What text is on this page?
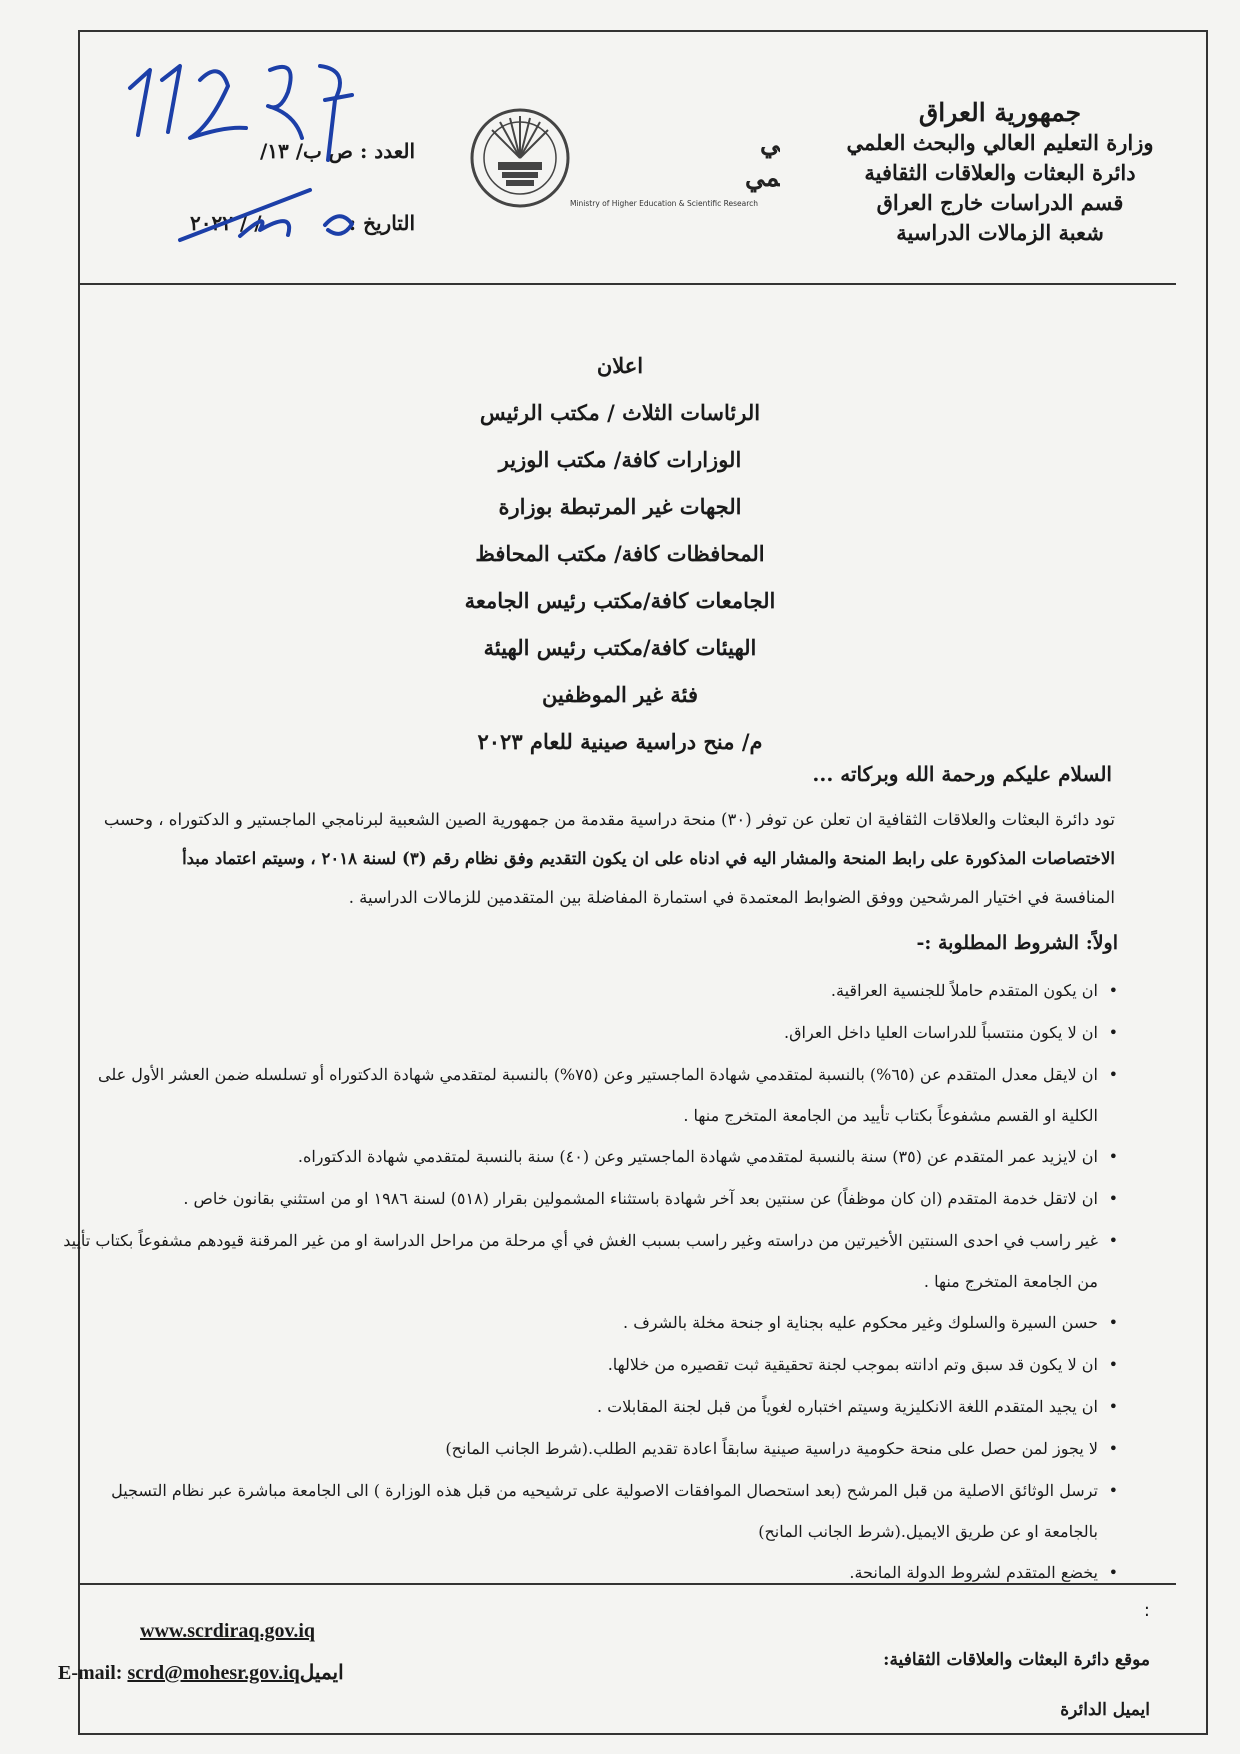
جمهورية العراق
وزارة التعليم العالي والبحث العلمي
دائرة البعثات والعلاقات الثقافية
قسم الدراسات خارج العراق
شعبة الزمالات الدراسية
ي
مي
Ministry of Higher Education & Scientific Research
العدد : ص ب/ ١٣/
التاريخ :
/ / ٢٠٢٢
اعلان
الرئاسات الثلاث / مكتب الرئيس
الوزارات كافة/ مكتب الوزير
الجهات غير المرتبطة بوزارة
المحافظات كافة/ مكتب المحافظ
الجامعات كافة/مكتب رئيس الجامعة
الهيئات كافة/مكتب رئيس الهيئة
فئة غير الموظفين
م/ منح دراسية صينية للعام ٢٠٢٣
السلام عليكم ورحمة الله وبركاته ...
تود دائرة البعثات والعلاقات الثقافية ان تعلن عن توفر (٣٠) منحة دراسية مقدمة من جمهورية الصين الشعبية لبرنامجي الماجستير و الدكتوراه ، وحسب
الاختصاصات المذكورة على رابط المنحة والمشار اليه في ادناه على ان يكون التقديم وفق نظام رقم (٣) لسنة ٢٠١٨ ، وسيتم اعتماد مبدأ
المنافسة في اختيار المرشحين ووفق الضوابط المعتمدة في استمارة المفاضلة بين المتقدمين للزمالات الدراسية .
اولاً: الشروط المطلوبة :-
• ان يكون المتقدم حاملاً للجنسية العراقية.
• ان لا يكون منتسباً للدراسات العليا داخل العراق.
• ان لايقل معدل المتقدم عن (٦٥%) بالنسبة لمتقدمي شهادة الماجستير وعن (٧٥%) بالنسبة لمتقدمي شهادة الدكتوراه أو تسلسله ضمن العشر الأول على الكلية او القسم مشفوعاً بكتاب تأييد من الجامعة المتخرج منها .
• ان لايزيد عمر المتقدم عن (٣٥) سنة بالنسبة لمتقدمي شهادة الماجستير وعن (٤٠) سنة بالنسبة لمتقدمي شهادة الدكتوراه.
• ان لاتقل خدمة المتقدم (ان كان موظفاً) عن سنتين بعد آخر شهادة باستثناء المشمولين بقرار (٥١٨) لسنة ١٩٨٦ او من استثني بقانون خاص .
• غير راسب في احدى السنتين الأخيرتين من دراسته وغير راسب بسبب الغش في أي مرحلة من مراحل الدراسة او من غير المرقنة قيودهم مشفوعاً بكتاب تأييد من الجامعة المتخرج منها .
• حسن السيرة والسلوك وغير محكوم عليه بجناية او جنحة مخلة بالشرف .
• ان لا يكون قد سبق وتم ادانته بموجب لجنة تحقيقية ثبت تقصيره من خلالها.
• ان يجيد المتقدم اللغة الانكليزية وسيتم اختباره لغوياً من قبل لجنة المقابلات .
• لا يجوز لمن حصل على منحة حكومية دراسية صينية سابقاً اعادة تقديم الطلب.(شرط الجانب المانح)
• ترسل الوثائق الاصلية من قبل المرشح (بعد استحصال الموافقات الاصولية على ترشيحيه من قبل هذه الوزارة ) الى الجامعة مباشرة عبر نظام التسجيل بالجامعة او عن طريق الايميل.(شرط الجانب المانح)
• يخضع المتقدم لشروط الدولة المانحة.
:
www.scrdiraq.gov.iq
E-mail: scrd@mohesr.gov.iqايميل
موقع دائرة البعثات والعلاقات الثقافية:
ايميل الدائرة
